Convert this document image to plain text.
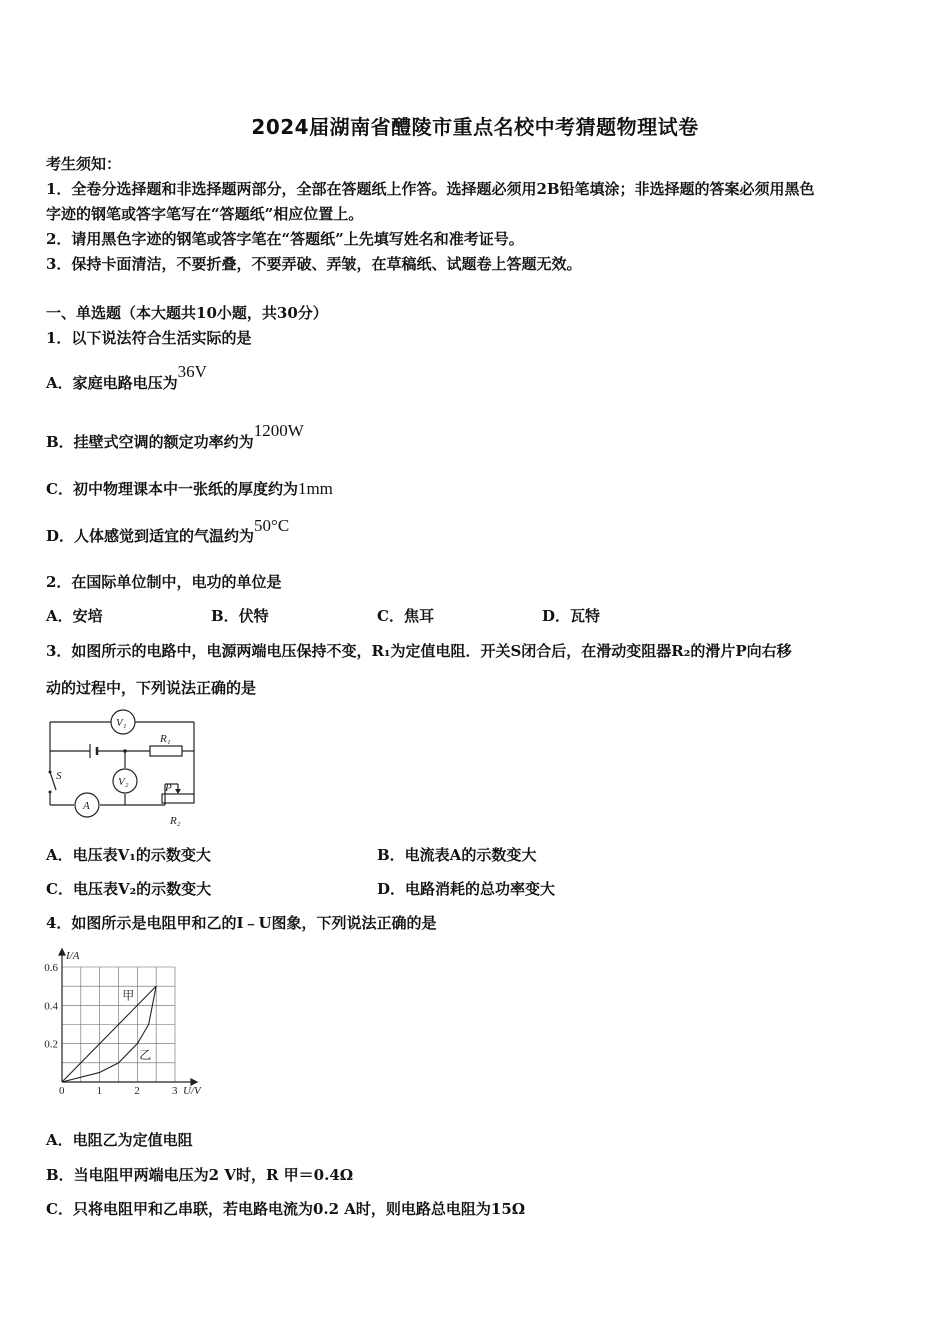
2024届湖南省醴陵市重点名校中考猜题物理试卷
考生须知：
1．全卷分选择题和非选择题两部分，全部在答题纸上作答。选择题必须用2B铅笔填涂；非选择题的答案必须用黑色
字迹的钢笔或答字笔写在“答题纸”相应位置上。
2．请用黑色字迹的钢笔或答字笔在“答题纸”上先填写姓名和准考证号。
3．保持卡面清洁，不要折叠，不要弄破、弄皱，在草稿纸、试题卷上答题无效。
一、单选题（本大题共10小题，共30分）
1．以下说法符合生活实际的是
A．家庭电路电压为36V
B．挂壁式空调的额定功率约为1200W
C．初中物理课本中一张纸的厚度约为1mm
D．人体感觉到适宜的气温约为50°C
2．在国际单位制中，电功的单位是
A．安培	B．伏特	C．焦耳	D．瓦特
3．如图所示的电路中，电源两端电压保持不变，R₁为定值电阻．开关S闭合后，在滑动变阻器R₂的滑片P向右移
动的过程中，下列说法正确的是
V₁
V₂
A
R₁
R₂
S
P
A．电压表V₁的示数变大	B．电流表A的示数变大
C．电压表V₂的示数变大	D．电路消耗的总功率变大
4．如图所示是电阻甲和乙的I﹣U图象，下列说法正确的是
0	1	2	3
0.2
0.4
0.6
U/V
I/A
甲
乙
A．电阻乙为定值电阻
B．当电阻甲两端电压为2 V时，R 甲＝0.4Ω
C．只将电阻甲和乙串联，若电路电流为0.2 A时，则电路总电阻为15Ω
